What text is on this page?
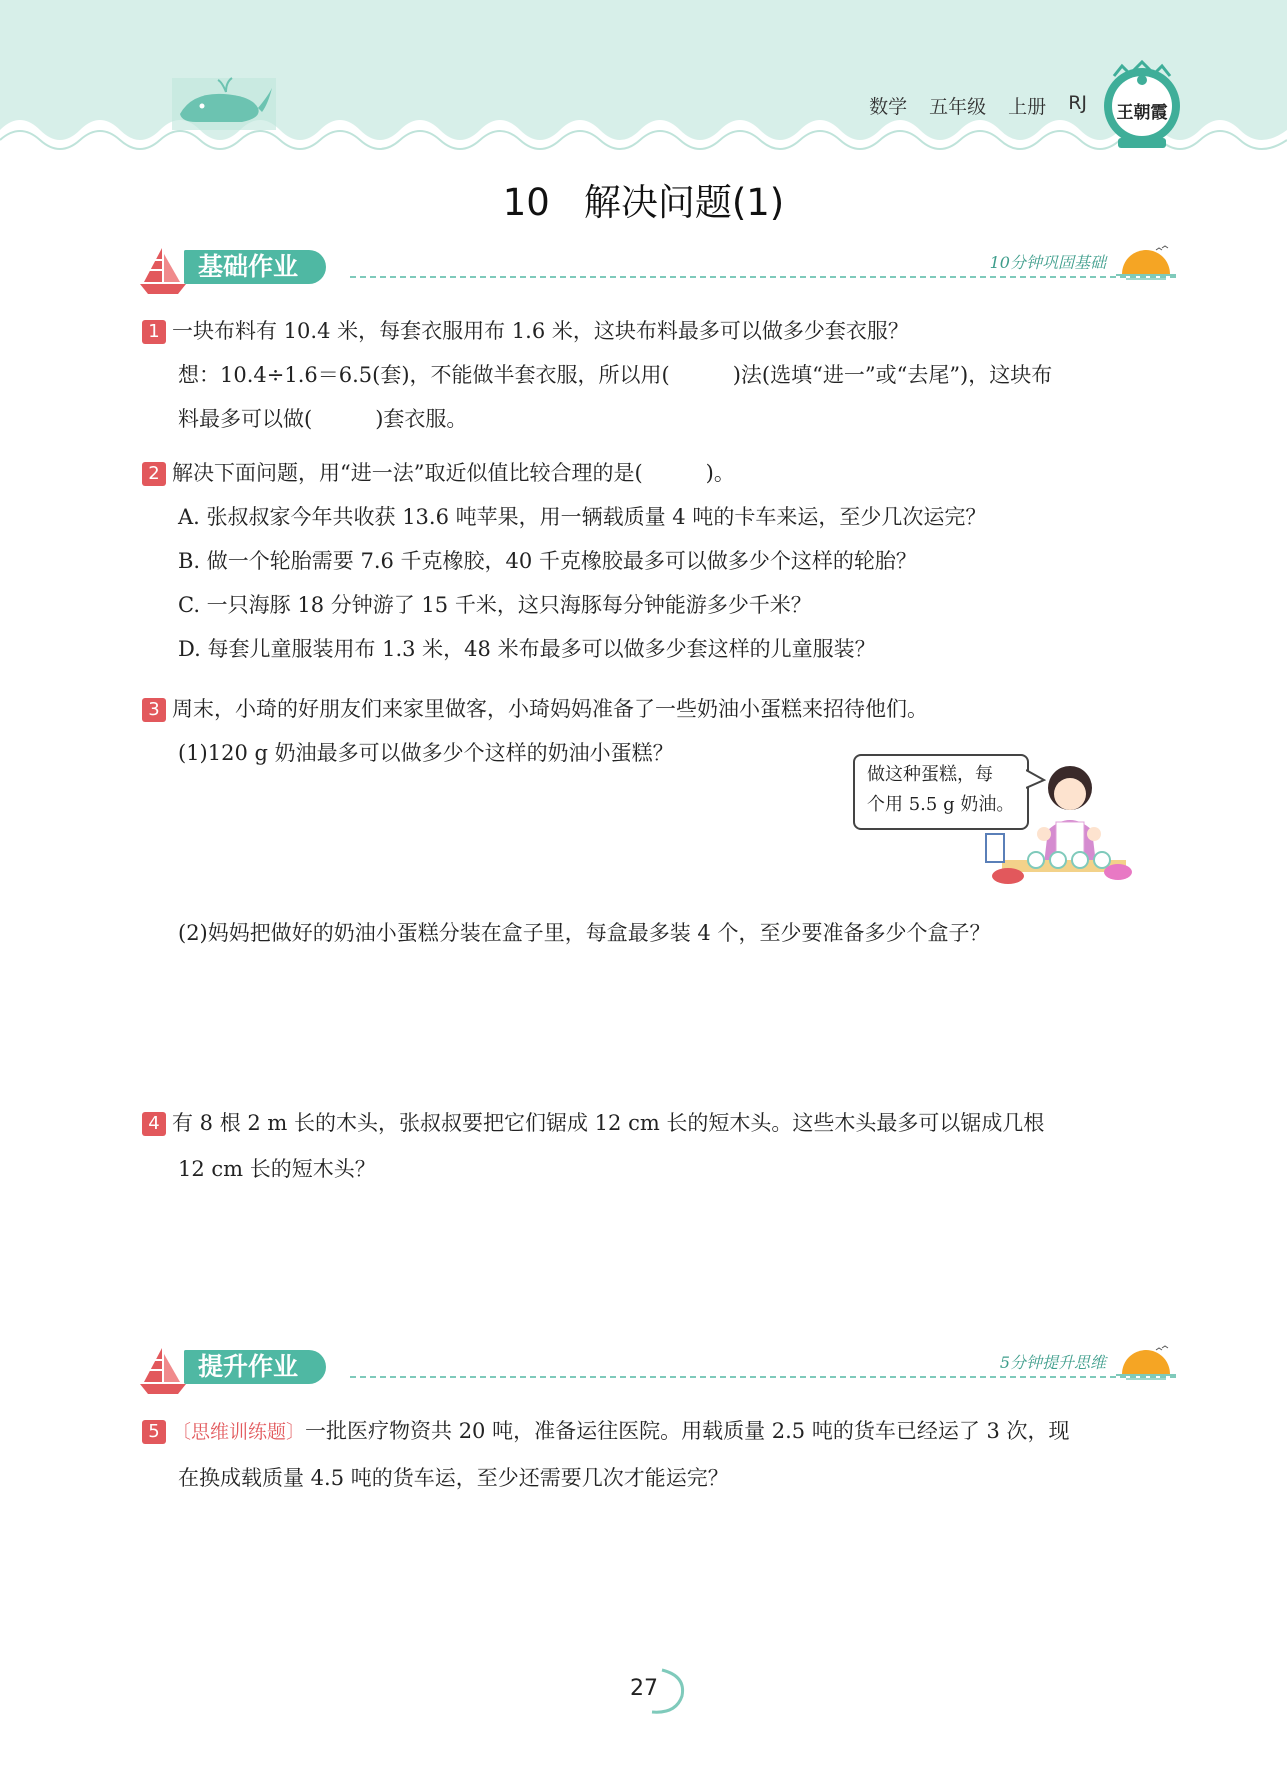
数学 五年级 上册 RJ	王朝霞
10 解决问题(1)
基础作业	10分钟巩固基础
1 一块布料有 10.4 米，每套衣服用布 1.6 米，这块布料最多可以做多少套衣服？
想：10.4÷1.6＝6.5(套)，不能做半套衣服，所以用(　　　)法(选填“进一”或“去尾”)，这块布
料最多可以做(　　　)套衣服。
2 解决下面问题，用“进一法”取近似值比较合理的是(　　　)。
A. 张叔叔家今年共收获 13.6 吨苹果，用一辆载质量 4 吨的卡车来运，至少几次运完？
B. 做一个轮胎需要 7.6 千克橡胶，40 千克橡胶最多可以做多少个这样的轮胎？
C. 一只海豚 18 分钟游了 15 千米，这只海豚每分钟能游多少千米？
D. 每套儿童服装用布 1.3 米，48 米布最多可以做多少套这样的儿童服装？
3 周末，小琦的好朋友们来家里做客，小琦妈妈准备了一些奶油小蛋糕来招待他们。
(1)120 g 奶油最多可以做多少个这样的奶油小蛋糕？
做这种蛋糕，每
个用 5.5 g 奶油。
(2)妈妈把做好的奶油小蛋糕分装在盒子里，每盒最多装 4 个，至少要准备多少个盒子？
4 有 8 根 2 m 长的木头，张叔叔要把它们锯成 12 cm 长的短木头。这些木头最多可以锯成几根
12 cm 长的短木头？
提升作业	5分钟提升思维
5 〔思维训练题〕一批医疗物资共 20 吨，准备运往医院。用载质量 2.5 吨的货车已经运了 3 次，现
在换成载质量 4.5 吨的货车运，至少还需要几次才能运完？
27
